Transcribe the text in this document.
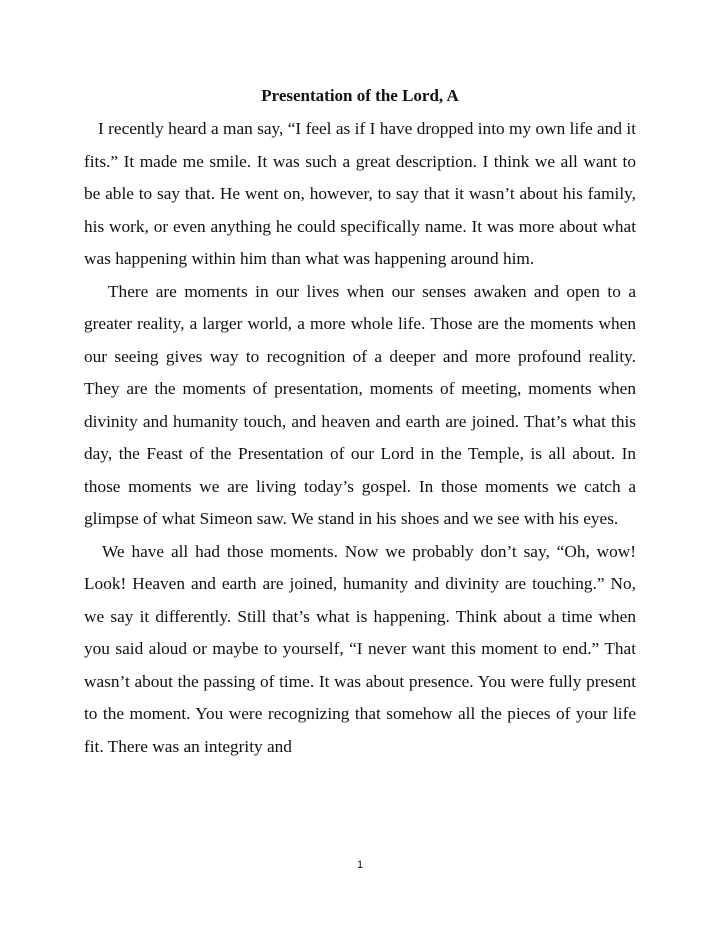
Presentation of the Lord, A

I recently heard a man say, “I feel as if I have dropped into my own life and it fits.” It made me smile. It was such a great description. I think we all want to be able to say that. He went on, however, to say that it wasn’t about his family, his work, or even anything he could specifically name. It was more about what was happening within him than what was happening around him.

There are moments in our lives when our senses awaken and open to a greater reality, a larger world, a more whole life. Those are the moments when our seeing gives way to recognition of a deeper and more profound reality. They are the moments of presentation, moments of meeting, moments when divinity and humanity touch, and heaven and earth are joined. That’s what this day, the Feast of the Presentation of our Lord in the Temple, is all about. In those moments we are living today’s gospel. In those moments we catch a glimpse of what Simeon saw. We stand in his shoes and we see with his eyes.

We have all had those moments. Now we probably don’t say, “Oh, wow! Look! Heaven and earth are joined, humanity and divinity are touching.” No, we say it differently. Still that’s what is happening. Think about a time when you said aloud or maybe to yourself, “I never want this moment to end.” That wasn’t about the passing of time. It was about presence. You were fully present to the moment. You were recognizing that somehow all the pieces of your life fit. There was an integrity and

1
